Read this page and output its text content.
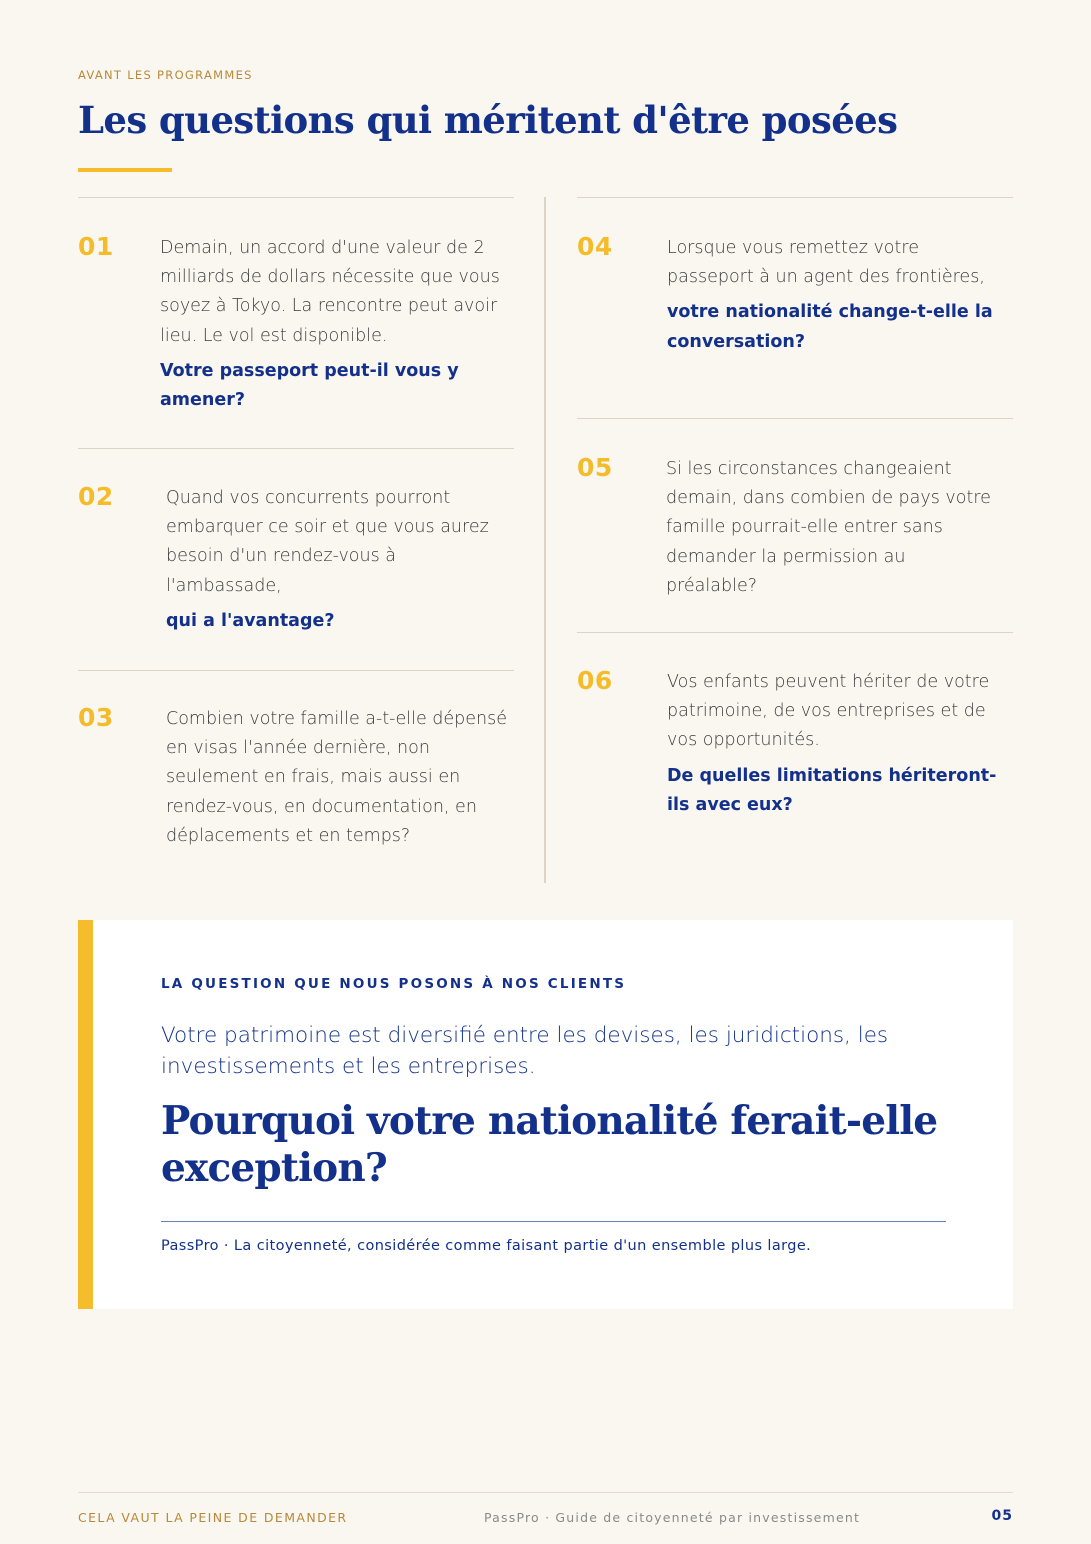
AVANT LES PROGRAMMES
Les questions qui méritent d'être posées
01	Demain, un accord d'une valeur de 2 milliards de dollars nécessite que vous soyez à Tokyo. La rencontre peut avoir lieu. Le vol est disponible.
Votre passeport peut-il vous y amener?
02	Quand vos concurrents pourront embarquer ce soir et que vous aurez besoin d'un rendez-vous à l'ambassade,
qui a l'avantage?
03	Combien votre famille a-t-elle dépensé en visas l'année dernière, non seulement en frais, mais aussi en rendez-vous, en documentation, en déplacements et en temps?
04	Lorsque vous remettez votre passeport à un agent des frontières,
votre nationalité change-t-elle la conversation?
05	Si les circonstances changeaient demain, dans combien de pays votre famille pourrait-elle entrer sans demander la permission au préalable?
06	Vos enfants peuvent hériter de votre patrimoine, de vos entreprises et de vos opportunités.
De quelles limitations hériteront-ils avec eux?
LA QUESTION QUE NOUS POSONS À NOS CLIENTS
Votre patrimoine est diversifié entre les devises, les juridictions, les investissements et les entreprises.
Pourquoi votre nationalité ferait-elle exception?
PassPro · La citoyenneté, considérée comme faisant partie d'un ensemble plus large.
CELA VAUT LA PEINE DE DEMANDER	PassPro · Guide de citoyenneté par investissement	05
